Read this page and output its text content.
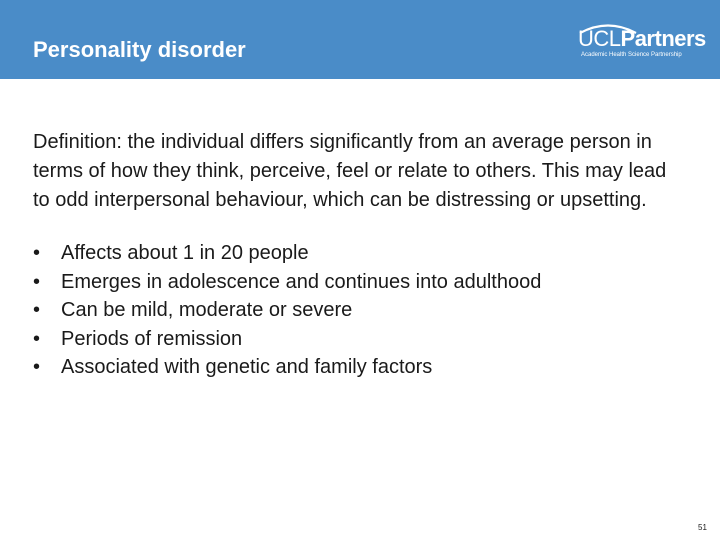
Personality disorder	UCLPartners
Academic Health Science Partnership

Definition: the individual differs significantly from an average person in terms of how they think, perceive, feel or relate to others. This may lead to odd interpersonal behaviour, which can be distressing or upsetting.

• Affects about 1 in 20 people
• Emerges in adolescence and continues into adulthood
• Can be mild, moderate or severe
• Periods of remission
• Associated with genetic and family factors
51
